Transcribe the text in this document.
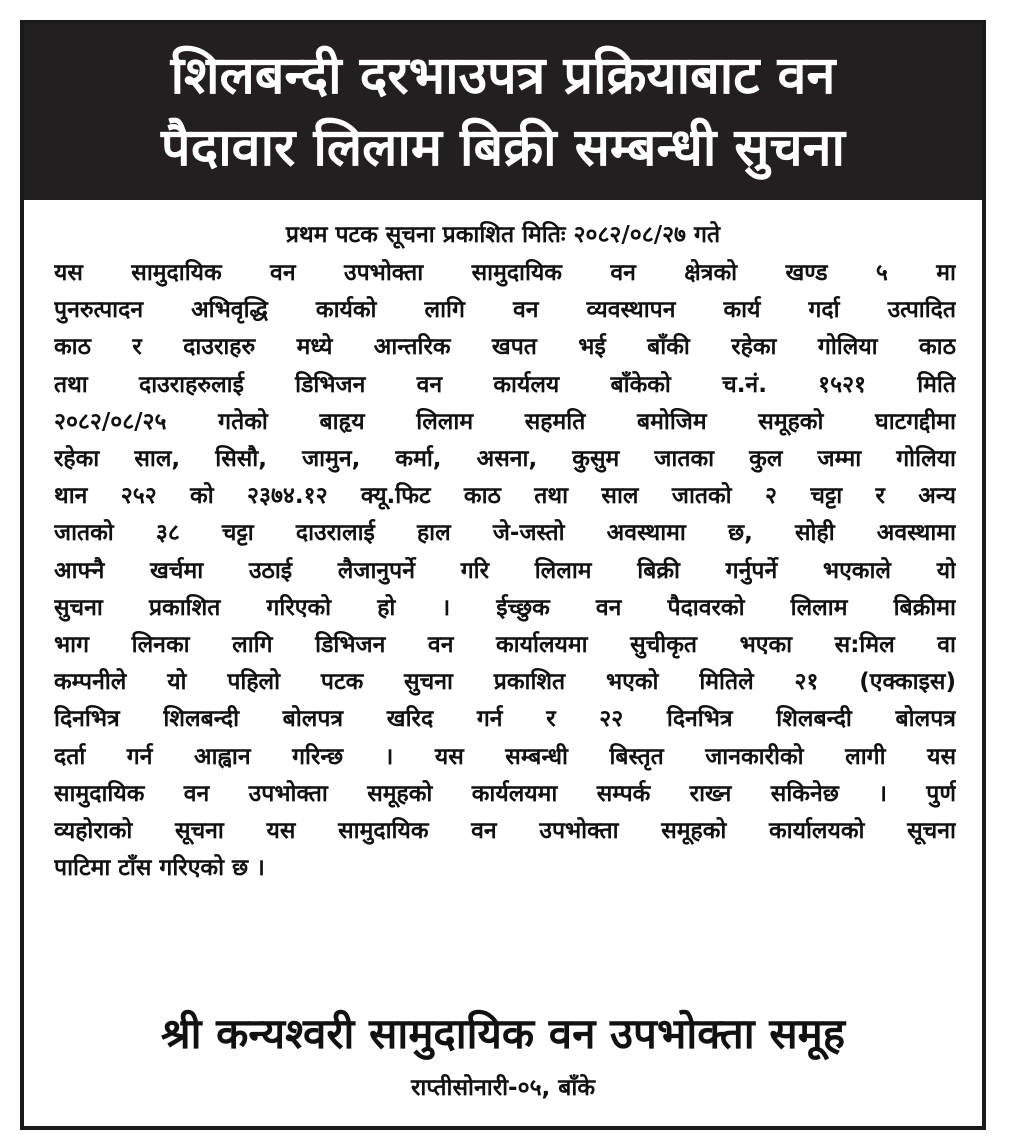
शिलबन्दी दरभाउपत्र प्रक्रियाबाट वन
पैदावार लिलाम बिक्री सम्बन्धी सुचना
प्रथम पटक सूचना प्रकाशित मितिः २०८२/०८/२७ गते
यस सामुदायिक वन उपभोक्ता सामुदायिक वन क्षेत्रको खण्ड ५ मा
पुनरुत्पादन अभिवृद्धि कार्यको लागि वन व्यवस्थापन कार्य गर्दा उत्पादित
काठ र दाउराहरु मध्ये आन्तरिक खपत भई बाँकी रहेका गोलिया काठ
तथा दाउराहरुलाई डिभिजन वन कार्यलय बाँकेको च.नं. १५२१ मिति
२०८२/०८/२५ गतेको बाहृय लिलाम सहमति बमोजिम समूहको घाटगद्दीमा
रहेका साल, सिसौ, जामुन, कर्मा, असना, कुसुम जातका कुल जम्मा गोलिया
थान २५२ को २३७४.१२ क्यू.फिट काठ तथा साल जातको २ चट्टा र अन्य
जातको ३८ चट्टा दाउरालाई हाल जे-जस्तो अवस्थामा छ, सोही अवस्थामा
आफ्नै खर्चमा उठाई लैजानुपर्ने गरि लिलाम बिक्री गर्नुपर्ने भएकाले यो
सुचना प्रकाशित गरिएको हो । ईच्छुक वन पैदावरको लिलाम बिक्रीमा
भाग लिनका लागि डिभिजन वन कार्यालयमा सुचीकृत भएका स:मिल वा
कम्पनीले यो पहिलो पटक सुचना प्रकाशित भएको मितिले २१ (एक्काइस)
दिनभित्र शिलबन्दी बोलपत्र खरिद गर्न र २२ दिनभित्र शिलबन्दी बोलपत्र
दर्ता गर्न आह्वान गरिन्छ । यस सम्बन्धी बिस्तृत जानकारीको लागी यस
सामुदायिक वन उपभोक्ता समूहको कार्यलयमा सम्पर्क राख्न सकिनेछ । पुर्ण
व्यहोराको सूचना यस सामुदायिक वन उपभोक्ता समूहको कार्यालयको सूचना
पाटिमा टाँस गरिएको छ ।
श्री कन्यश्वरी सामुदायिक वन उपभोक्ता समूह
राप्तीसोनारी-०५, बाँके
